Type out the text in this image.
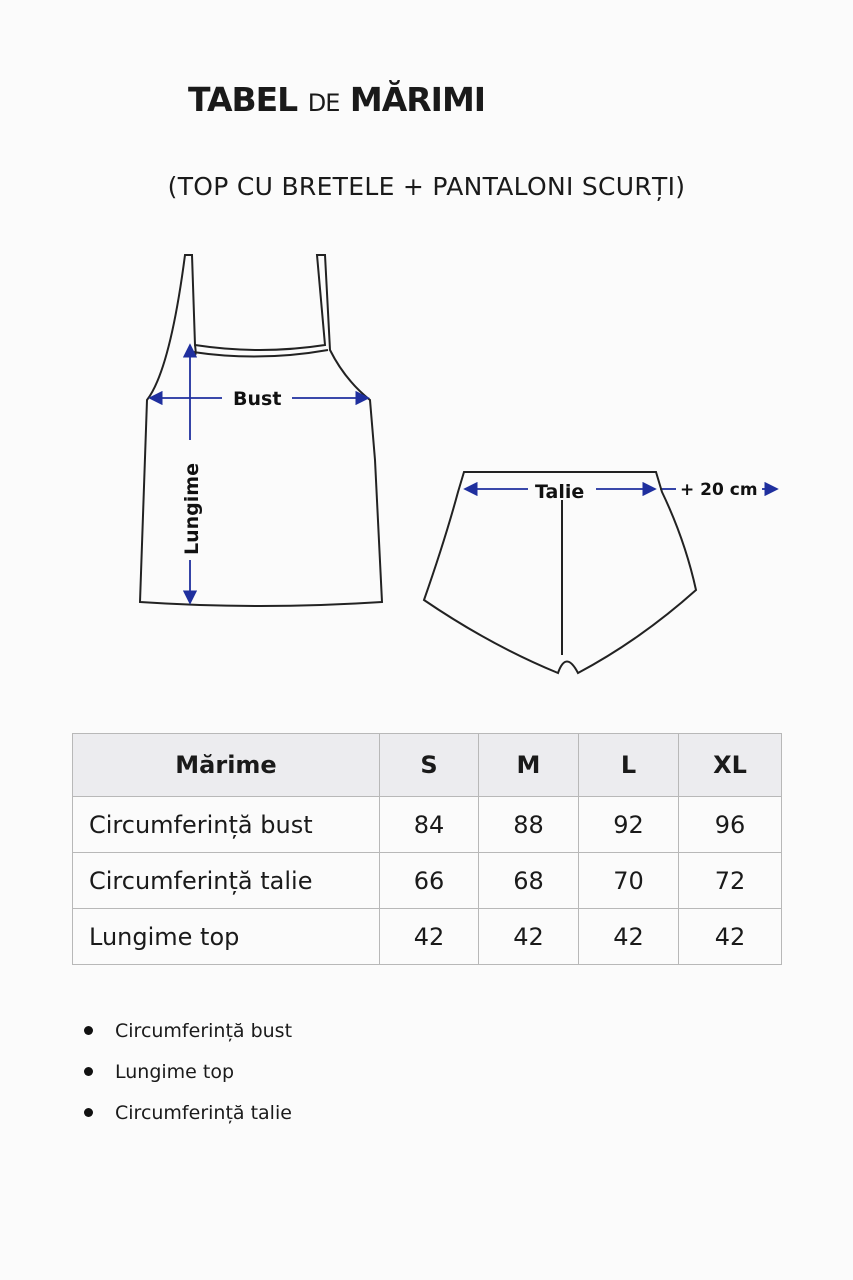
TABEL DE MĂRIMI
(TOP CU BRETELE + PANTALONI SCURȚI)
Bust
Lungime	Talie	+ 20 cm
Mărime	S	M	L	XL
Circumferință bust	84	88	92	96
Circumferință talie	66	68	70	72
Lungime top	42	42	42	42
Circumferință bust
Lungime top
Circumferință talie
